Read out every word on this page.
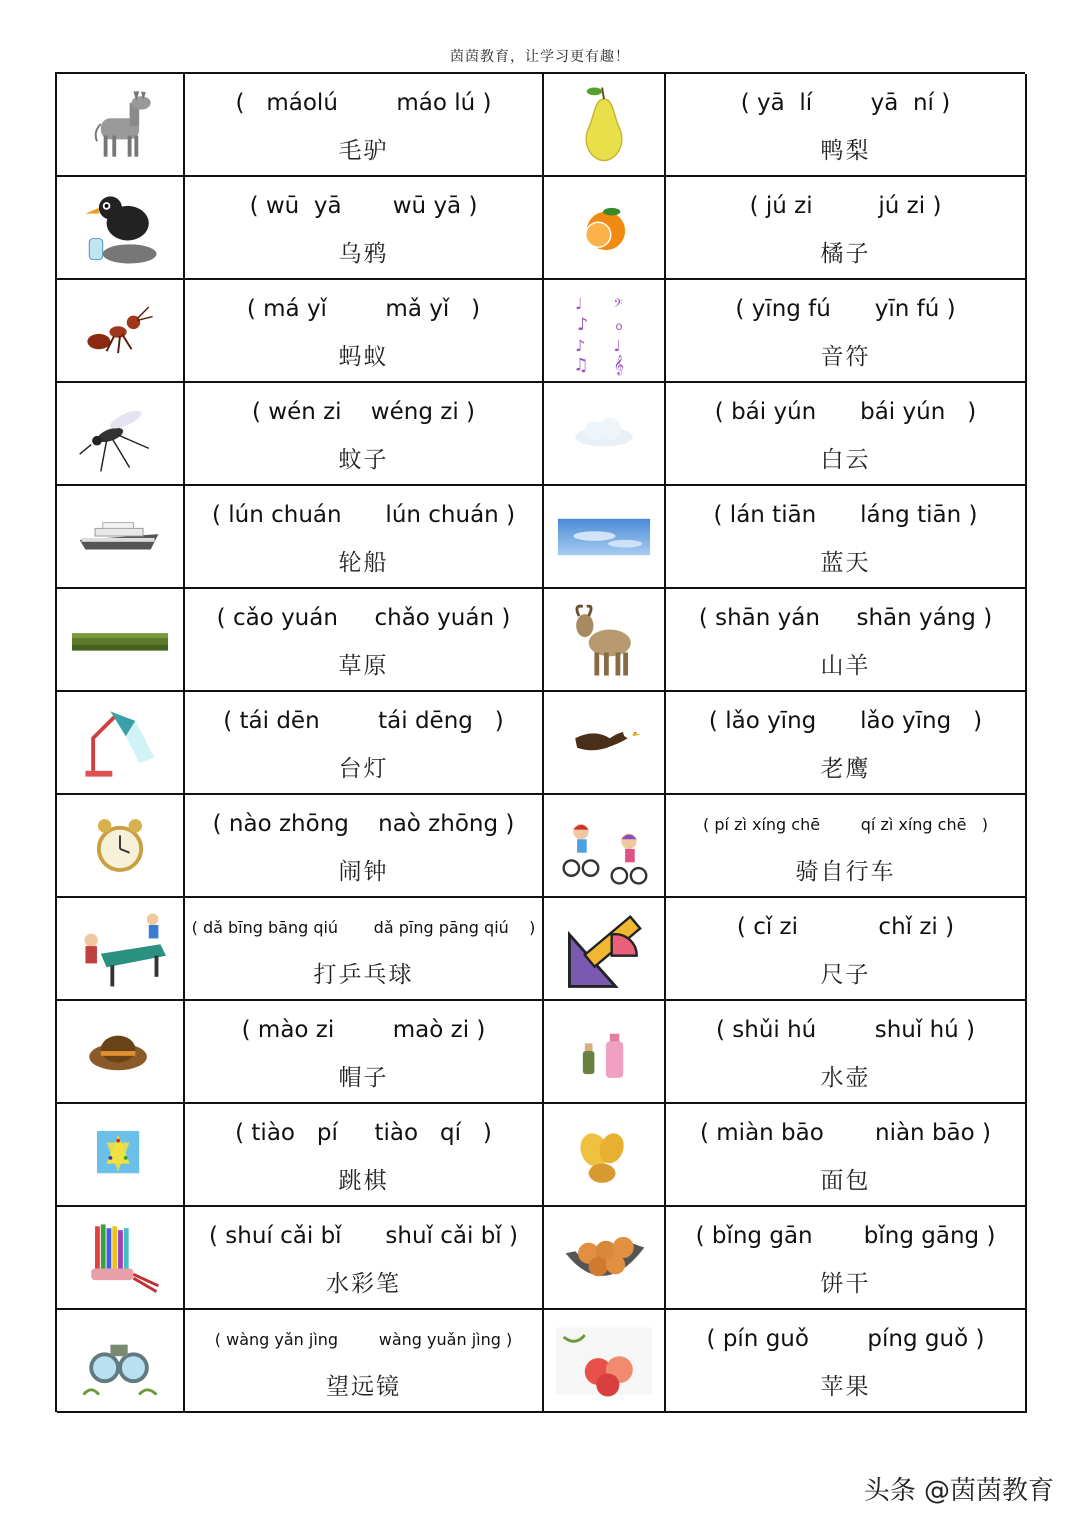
茵茵教育，让学习更有趣！
(   máolú        máo lú )
毛驴
( yā  lí        yā  ní )
鸭梨
( wū  yā       wū yā )
乌鸦
( jú zi         jú zi )
橘子
( má yǐ        mǎ yǐ   )
蚂蚁
♩ 𝄢
♪ o
♪ ♩
♫ 𝄞
( yīng fú      yīn fú )
音符
( wén zi    wéng zi )
蚊子
( bái yún      bái yún   )
白云
( lún chuán      lún chuán )
轮船
( lán tiān      láng tiān )
蓝天
( cǎo yuán     chǎo yuán )
草原
( shān yán     shān yáng )
山羊
( tái dēn        tái dēng   )
台灯
( lǎo yīng      lǎo yīng   )
老鹰
( nào zhōng    naò zhōng )
闹钟
( pí zì xíng chē        qí zì xíng chē   )
骑自行车
( dǎ bīng bāng qiú       dǎ pīng pāng qiú    )
打乒乓球
( cǐ zi           chǐ zi )
尺子
( mào zi        maò zi )
帽子
( shǔi hú        shuǐ hú )
水壶
( tiào   pí     tiào   qí   )
跳棋
( miàn bāo       niàn bāo )
面包
( shuí cǎi bǐ      shuǐ cǎi bǐ )
水彩笔
( bǐng gān       bǐng gāng )
饼干
( wàng yǎn jìng        wàng yuǎn jìng )
望远镜
( pín guǒ        píng guǒ )
苹果
头条 @茵茵教育
